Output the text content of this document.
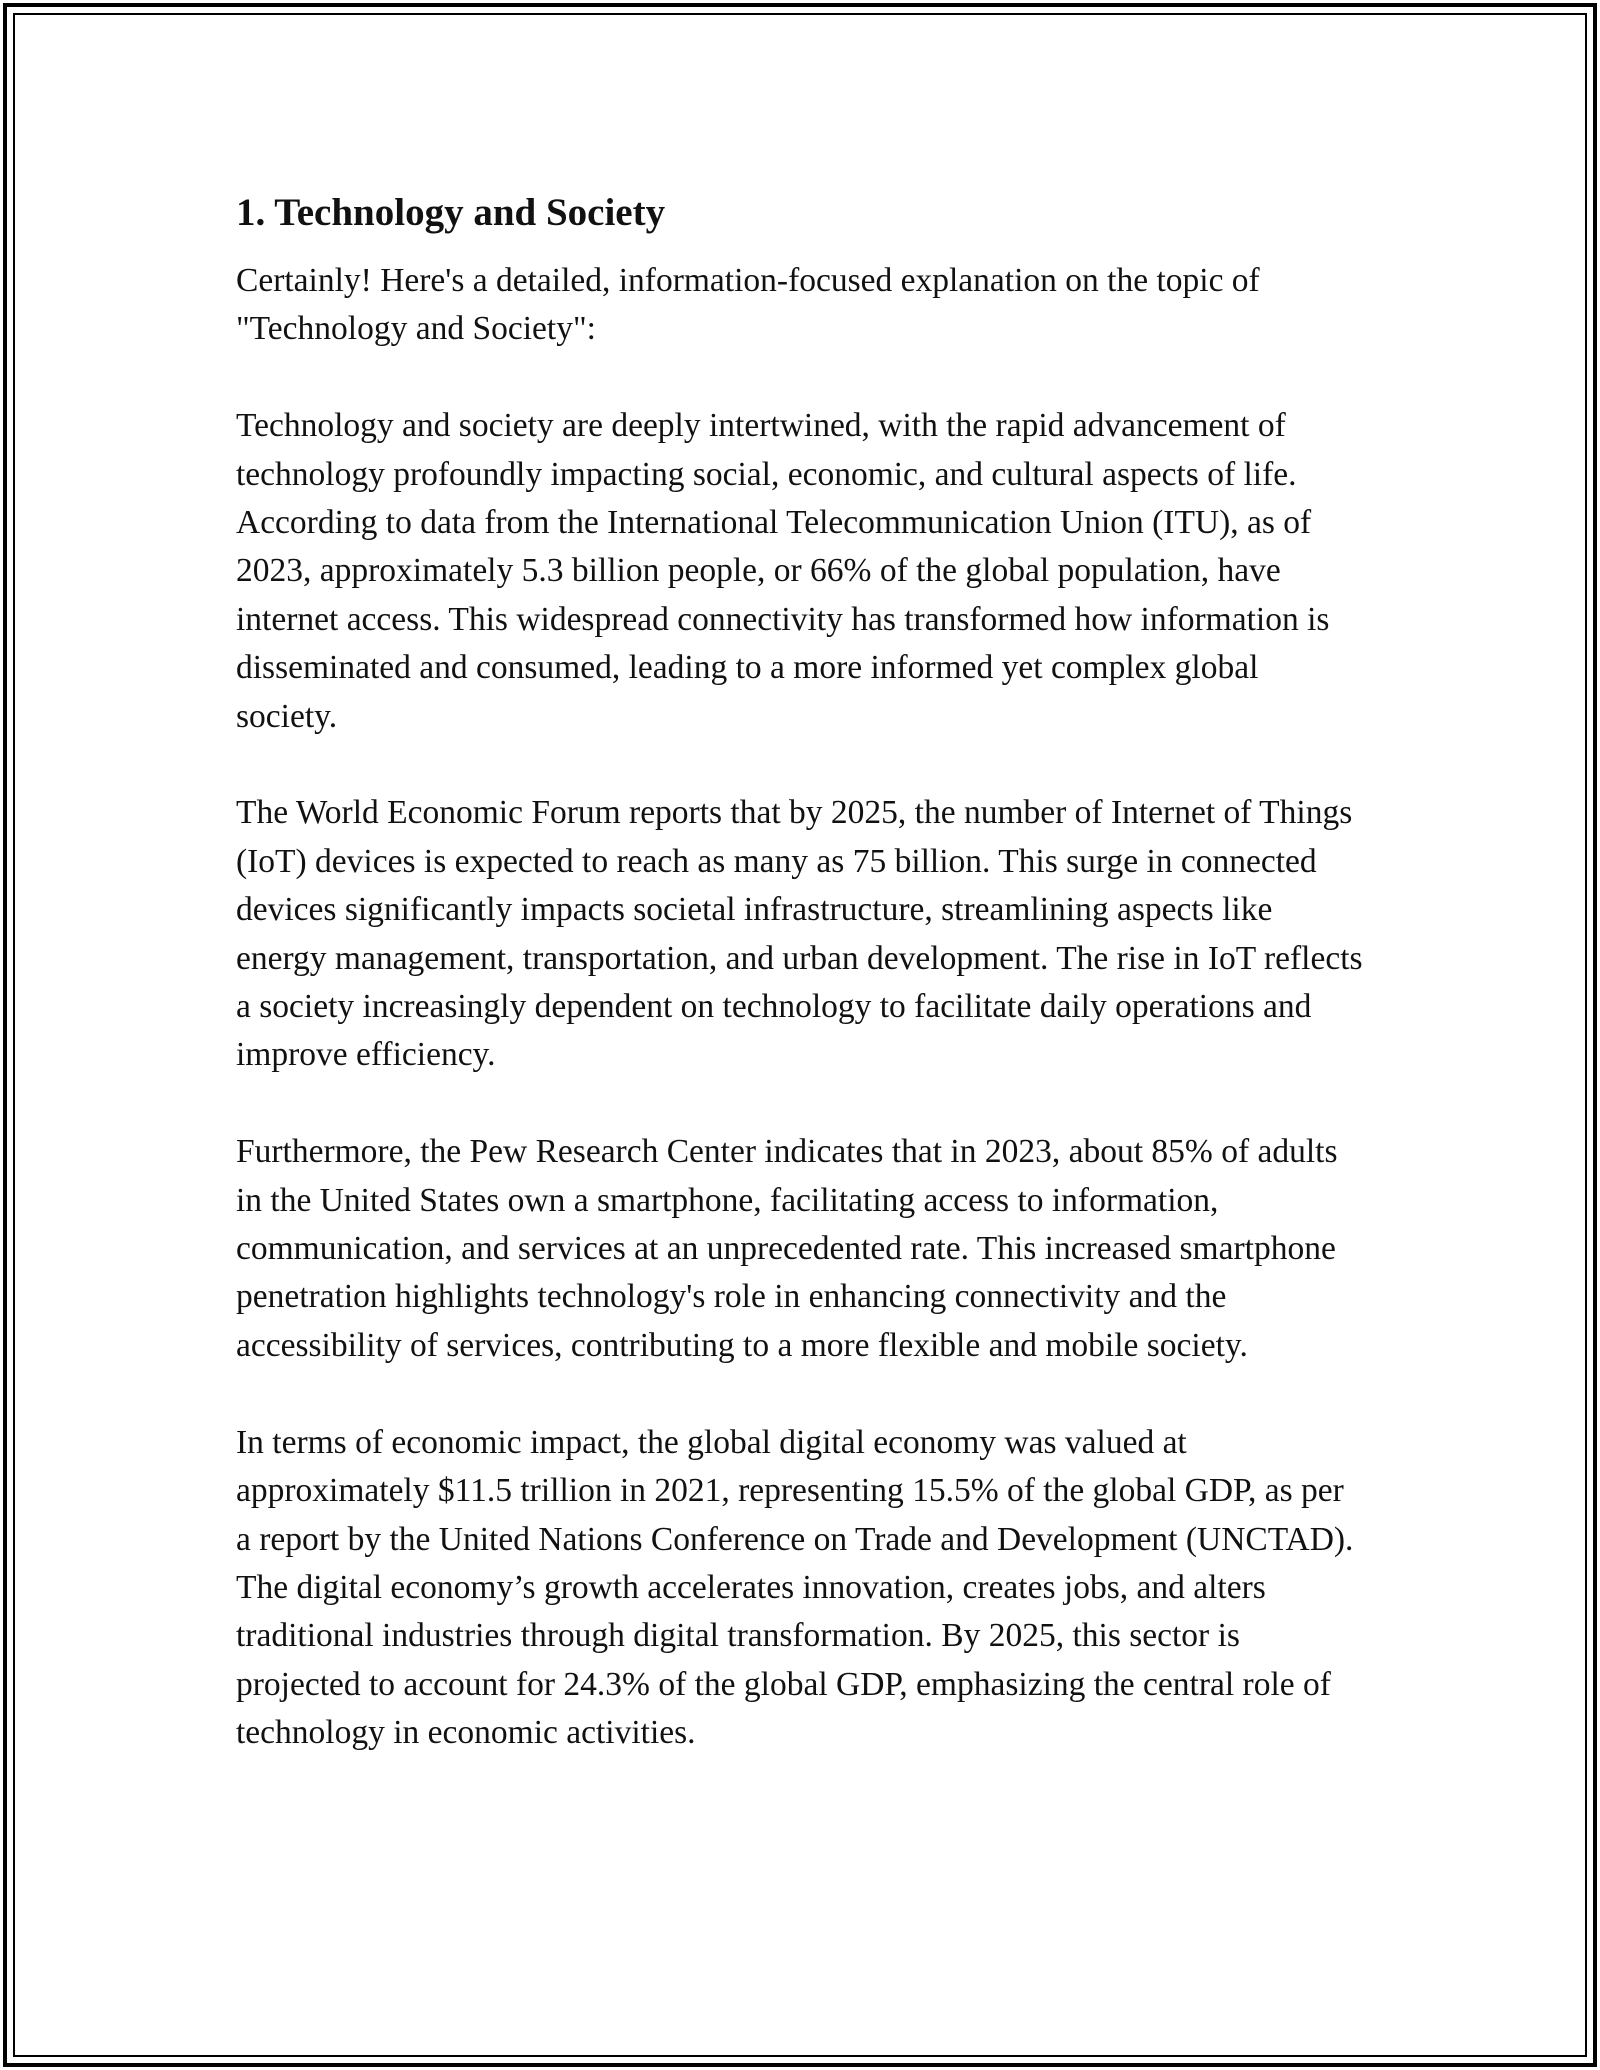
1. Technology and Society

Certainly! Here's a detailed, information-focused explanation on the topic of "Technology and Society":

Technology and society are deeply intertwined, with the rapid advancement of technology profoundly impacting social, economic, and cultural aspects of life. According to data from the International Telecommunication Union (ITU), as of 2023, approximately 5.3 billion people, or 66% of the global population, have internet access. This widespread connectivity has transformed how information is disseminated and consumed, leading to a more informed yet complex global society.

The World Economic Forum reports that by 2025, the number of Internet of Things (IoT) devices is expected to reach as many as 75 billion. This surge in connected devices significantly impacts societal infrastructure, streamlining aspects like energy management, transportation, and urban development. The rise in IoT reflects a society increasingly dependent on technology to facilitate daily operations and improve efficiency.

Furthermore, the Pew Research Center indicates that in 2023, about 85% of adults in the United States own a smartphone, facilitating access to information, communication, and services at an unprecedented rate. This increased smartphone penetration highlights technology's role in enhancing connectivity and the accessibility of services, contributing to a more flexible and mobile society.

In terms of economic impact, the global digital economy was valued at approximately $11.5 trillion in 2021, representing 15.5% of the global GDP, as per a report by the United Nations Conference on Trade and Development (UNCTAD). The digital economy’s growth accelerates innovation, creates jobs, and alters traditional industries through digital transformation. By 2025, this sector is projected to account for 24.3% of the global GDP, emphasizing the central role of technology in economic activities.
